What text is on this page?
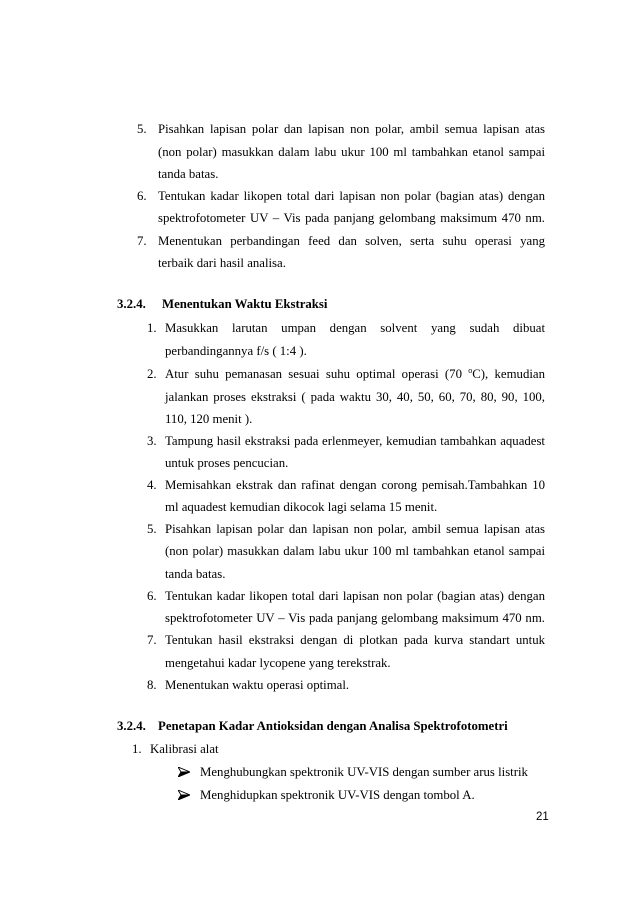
5. Pisahkan lapisan polar dan lapisan non polar, ambil semua lapisan atas
(non polar) masukkan dalam labu ukur 100 ml tambahkan etanol sampai
tanda batas.
6. Tentukan kadar likopen total dari lapisan non polar (bagian atas) dengan
spektrofotometer UV – Vis pada panjang gelombang maksimum 470 nm.
7. Menentukan perbandingan feed dan solven, serta suhu operasi yang
terbaik dari hasil analisa.
3.2.4. Menentukan Waktu Ekstraksi
1. Masukkan larutan umpan dengan solvent yang sudah dibuat
perbandingannya f/s ( 1:4 ).
2. Atur suhu pemanasan sesuai suhu optimal operasi (70 $^o$C), kemudian
jalankan proses ekstraksi ( pada waktu 30, 40, 50, 60, 70, 80, 90, 100,
110, 120 menit ).
3. Tampung hasil ekstraksi pada erlenmeyer, kemudian tambahkan aquadest
untuk proses pencucian.
4. Memisahkan ekstrak dan rafinat dengan corong pemisah.Tambahkan 10
ml aquadest kemudian dikocok lagi selama 15 menit.
5. Pisahkan lapisan polar dan lapisan non polar, ambil semua lapisan atas
(non polar) masukkan dalam labu ukur 100 ml tambahkan etanol sampai
tanda batas.
6. Tentukan kadar likopen total dari lapisan non polar (bagian atas) dengan
spektrofotometer UV – Vis pada panjang gelombang maksimum 470 nm.
7. Tentukan hasil ekstraksi dengan di plotkan pada kurva standart untuk
mengetahui kadar lycopene yang terekstrak.
8. Menentukan waktu operasi optimal.
3.2.4. Penetapan Kadar Antioksidan dengan Analisa Spektrofotometri
1. Kalibrasi alat
Menghubungkan spektronik UV-VIS dengan sumber arus listrik
Menghidupkan spektronik UV-VIS dengan tombol A.
21
